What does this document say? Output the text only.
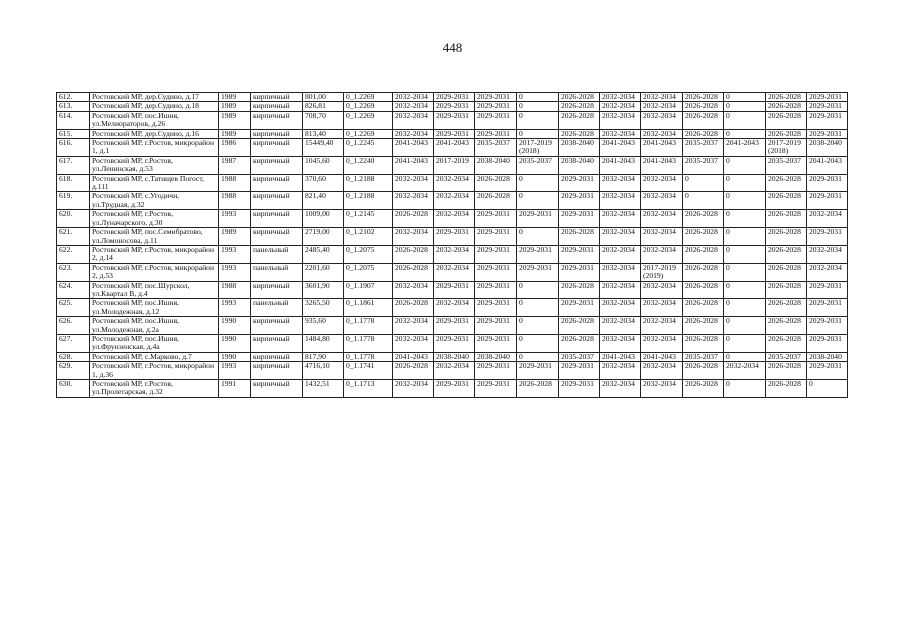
448
612.	Ростовский МР, дер.Судино, д.17	1989	кирпичный	801,00	0_1.2269	2032-2034	2029-2031	2029-2031	0	2026-2028	2032-2034	2032-2034	2026-2028	0	2026-2028	2029-2031
613.	Ростовский МР, дер.Судино, д.18	1989	кирпичный	826,81	0_1.2269	2032-2034	2029-2031	2029-2031	0	2026-2028	2032-2034	2032-2034	2026-2028	0	2026-2028	2029-2031
614.	Ростовский МР, пос.Ишня, ул.Мелиораторов, д.26	1989	кирпичный	708,70	0_1.2269	2032-2034	2029-2031	2029-2031	0	2026-2028	2032-2034	2032-2034	2026-2028	0	2026-2028	2029-2031
615.	Ростовский МР, дер.Судино, д.16	1989	кирпичный	813,40	0_1.2269	2032-2034	2029-2031	2029-2031	0	2026-2028	2032-2034	2032-2034	2026-2028	0	2026-2028	2029-2031
616.	Ростовский МР, г.Ростов, микрорайон 1, д.1	1986	кирпичный	15449,40	0_1.2245	2041-2043	2041-2043	2035-2037	2017-2019 (2018)	2038-2040	2041-2043	2041-2043	2035-2037	2041-2043	2017-2019 (2018)	2038-2040
617.	Ростовский МР, г.Ростов, ул.Ленинская, д.53	1987	кирпичный	1045,60	0_1.2240	2041-2043	2017-2019	2038-2040	2035-2037	2038-2040	2041-2043	2041-2043	2035-2037	0	2035-2037	2041-2043
618.	Ростовский МР, с.Татищев Погост, д.111	1988	кирпичный	370,60	0_1.2188	2032-2034	2032-2034	2026-2028	0	2029-2031	2032-2034	2032-2034	0	0	2026-2028	2029-2031
619.	Ростовский МР, с.Угодичи, ул.Трудная, д.32	1988	кирпичный	821,40	0_1.2188	2032-2034	2032-2034	2026-2028	0	2029-2031	2032-2034	2032-2034	0	0	2026-2028	2029-2031
620.	Ростовский МР, г.Ростов, ул.Луначарского, д.30	1993	кирпичный	1009,00	0_1.2145	2026-2028	2032-2034	2029-2031	2029-2031	2029-2031	2032-2034	2032-2034	2026-2028	0	2026-2028	2032-2034
621.	Ростовский МР, пос.Семибратово, ул.Ломоносова, д.11	1989	кирпичный	2719,00	0_1.2102	2032-2034	2029-2031	2029-2031	0	2026-2028	2032-2034	2032-2034	2026-2028	0	2026-2028	2029-2031
622.	Ростовский МР, г.Ростов, микрорайон 2, д.14	1993	панельный	2485,40	0_1.2075	2026-2028	2032-2034	2029-2031	2029-2031	2029-2031	2032-2034	2032-2034	2026-2028	0	2026-2028	2032-2034
623.	Ростовский МР, г.Ростов, микрорайон 2, д.53	1993	панельный	2201,60	0_1.2075	2026-2028	2032-2034	2029-2031	2029-2031	2029-2031	2032-2034	2017-2019 (2019)	2026-2028	0	2026-2028	2032-2034
624.	Ростовский МР, пос.Шурскол, ул.Квартал В, д.4	1988	кирпичный	3601,90	0_1.1907	2032-2034	2029-2031	2029-2031	0	2026-2028	2032-2034	2032-2034	2026-2028	0	2026-2028	2029-2031
625.	Ростовский МР, пос.Ишня, ул.Молодежная, д.12	1993	панельный	3265,50	0_1.1861	2026-2028	2032-2034	2029-2031	0	2029-2031	2032-2034	2032-2034	2026-2028	0	2026-2028	2029-2031
626.	Ростовский МР, пос.Ишня, ул.Молодежная, д.2а	1990	кирпичный	935,60	0_1.1778	2032-2034	2029-2031	2029-2031	0	2026-2028	2032-2034	2032-2034	2026-2028	0	2026-2028	2029-2031
627.	Ростовский МР, пос.Ишня, ул.Фрунзенская, д.4а	1990	кирпичный	1484,80	0_1.1778	2032-2034	2029-2031	2029-2031	0	2026-2028	2032-2034	2032-2034	2026-2028	0	2026-2028	2029-2031
628.	Ростовский МР, с.Марково, д.7	1990	кирпичный	817,90	0_1.1778	2041-2043	2038-2040	2038-2040	0	2035-2037	2041-2043	2041-2043	2035-2037	0	2035-2037	2038-2040
629.	Ростовский МР, г.Ростов, микрорайон 1, д.36	1993	кирпичный	4716,10	0_1.1741	2026-2028	2032-2034	2029-2031	2029-2031	2029-2031	2032-2034	2032-2034	2026-2028	2032-2034	2026-2028	2029-2031
630.	Ростовский МР, г.Ростов, ул.Пролетарская, д.32	1991	кирпичный	1432,51	0_1.1713	2032-2034	2029-2031	2029-2031	2026-2028	2029-2031	2032-2034	2032-2034	2026-2028	0	2026-2028	0
